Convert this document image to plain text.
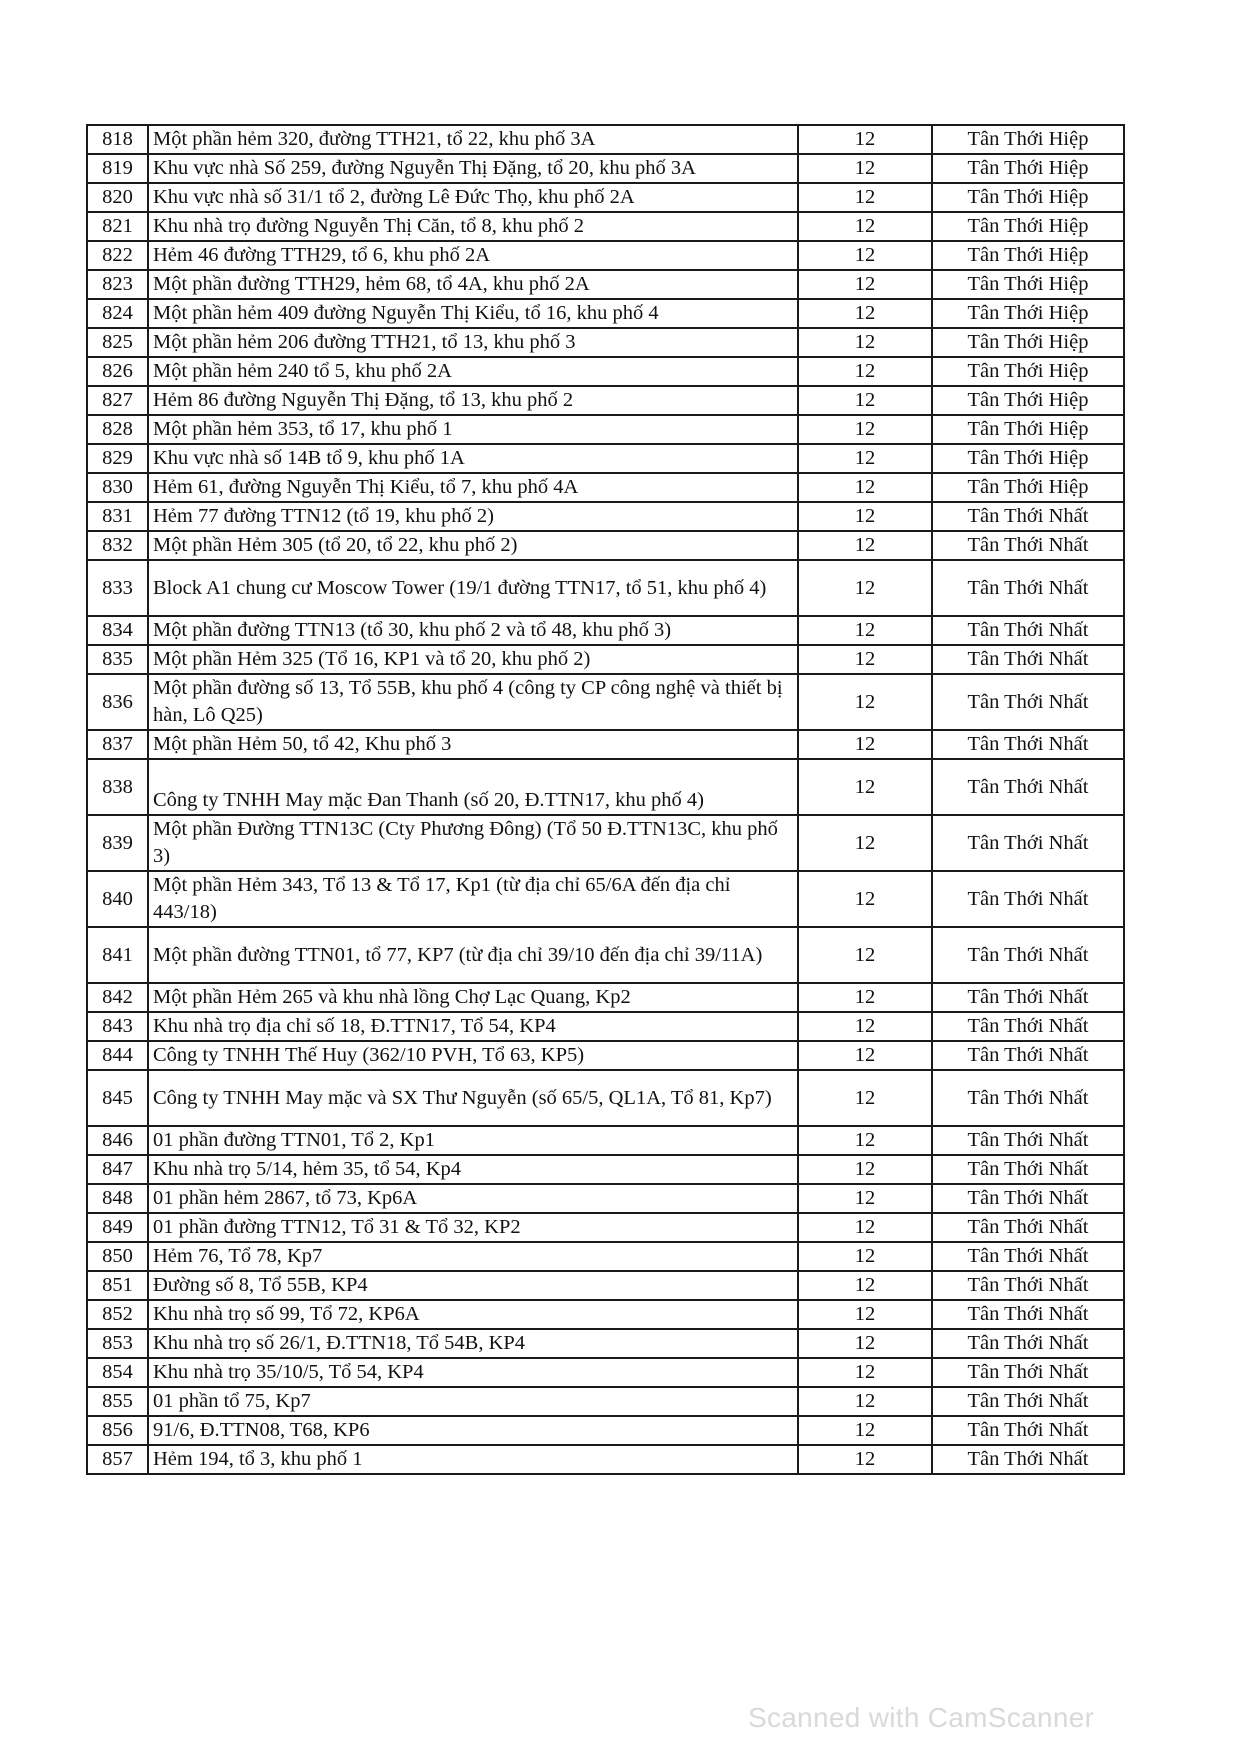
818	Một phần hẻm 320, đường TTH21, tổ 22, khu phố 3A	12	Tân Thới Hiệp
819	Khu vực nhà Số 259, đường Nguyễn Thị Đặng, tổ 20, khu phố 3A	12	Tân Thới Hiệp
820	Khu vực nhà số 31/1 tổ 2, đường Lê Đức Thọ, khu phố 2A	12	Tân Thới Hiệp
821	Khu nhà trọ đường Nguyễn Thị Căn, tổ 8, khu phố 2	12	Tân Thới Hiệp
822	Hẻm 46 đường TTH29, tổ 6, khu phố 2A	12	Tân Thới Hiệp
823	Một phần đường TTH29, hẻm 68, tổ 4A, khu phố 2A	12	Tân Thới Hiệp
824	Một phần hẻm 409 đường Nguyễn Thị Kiểu, tổ 16, khu phố 4	12	Tân Thới Hiệp
825	Một phần hẻm 206 đường TTH21, tổ 13, khu phố 3	12	Tân Thới Hiệp
826	Một phần hẻm 240 tổ 5, khu phố 2A	12	Tân Thới Hiệp
827	Hẻm 86 đường Nguyễn Thị Đặng, tổ 13, khu phố 2	12	Tân Thới Hiệp
828	Một phần hẻm 353, tổ 17, khu phố 1	12	Tân Thới Hiệp
829	Khu vực nhà số 14B tổ 9, khu phố 1A	12	Tân Thới Hiệp
830	Hẻm 61, đường Nguyễn Thị Kiểu, tổ 7, khu phố 4A	12	Tân Thới Hiệp
831	Hẻm 77 đường TTN12 (tổ 19, khu phố 2)	12	Tân Thới Nhất
832	Một phần Hẻm 305 (tổ 20, tổ 22, khu phố 2)	12	Tân Thới Nhất
833	Block A1 chung cư Moscow Tower (19/1 đường TTN17, tổ 51, khu phố 4)	12	Tân Thới Nhất
834	Một phần đường TTN13 (tổ 30, khu phố 2 và tổ 48, khu phố 3)	12	Tân Thới Nhất
835	Một phần Hẻm 325 (Tổ 16, KP1 và tổ 20, khu phố 2)	12	Tân Thới Nhất
836	Một phần đường số 13, Tổ 55B, khu phố 4 (công ty CP công nghệ và thiết bị hàn, Lô Q25)	12	Tân Thới Nhất
837	Một phần Hẻm 50, tổ 42, Khu phố 3	12	Tân Thới Nhất
838	Công ty TNHH May mặc Đan Thanh (số 20, Đ.TTN17, khu phố 4)	12	Tân Thới Nhất
839	Một phần Đường TTN13C (Cty Phương Đông) (Tổ 50 Đ.TTN13C, khu phố 3)	12	Tân Thới Nhất
840	Một phần Hẻm 343, Tổ 13 & Tổ 17, Kp1 (từ địa chỉ 65/6A đến địa chỉ 443/18)	12	Tân Thới Nhất
841	Một phần đường TTN01, tổ 77, KP7 (từ địa chỉ 39/10 đến địa chỉ 39/11A)	12	Tân Thới Nhất
842	Một phần Hẻm 265 và khu nhà lồng Chợ Lạc Quang, Kp2	12	Tân Thới Nhất
843	Khu nhà trọ địa chỉ số 18, Đ.TTN17, Tổ 54, KP4	12	Tân Thới Nhất
844	Công ty TNHH Thế Huy (362/10 PVH, Tổ 63, KP5)	12	Tân Thới Nhất
845	Công ty TNHH May mặc và SX Thư Nguyễn (số 65/5, QL1A, Tổ 81, Kp7)	12	Tân Thới Nhất
846	01 phần đường TTN01, Tổ 2, Kp1	12	Tân Thới Nhất
847	Khu nhà trọ 5/14, hẻm 35, tổ 54, Kp4	12	Tân Thới Nhất
848	01 phần hẻm 2867, tổ 73, Kp6A	12	Tân Thới Nhất
849	01 phần đường TTN12, Tổ 31 & Tổ 32, KP2	12	Tân Thới Nhất
850	Hẻm 76, Tổ 78, Kp7	12	Tân Thới Nhất
851	Đường số 8, Tổ 55B, KP4	12	Tân Thới Nhất
852	Khu nhà trọ số 99, Tổ 72, KP6A	12	Tân Thới Nhất
853	Khu nhà trọ số 26/1, Đ.TTN18, Tổ 54B, KP4	12	Tân Thới Nhất
854	Khu nhà trọ 35/10/5, Tổ 54, KP4	12	Tân Thới Nhất
855	01 phần tổ 75, Kp7	12	Tân Thới Nhất
856	91/6, Đ.TTN08, T68, KP6	12	Tân Thới Nhất
857	Hẻm 194, tổ 3, khu phố 1	12	Tân Thới Nhất
Scanned with CamScanner
